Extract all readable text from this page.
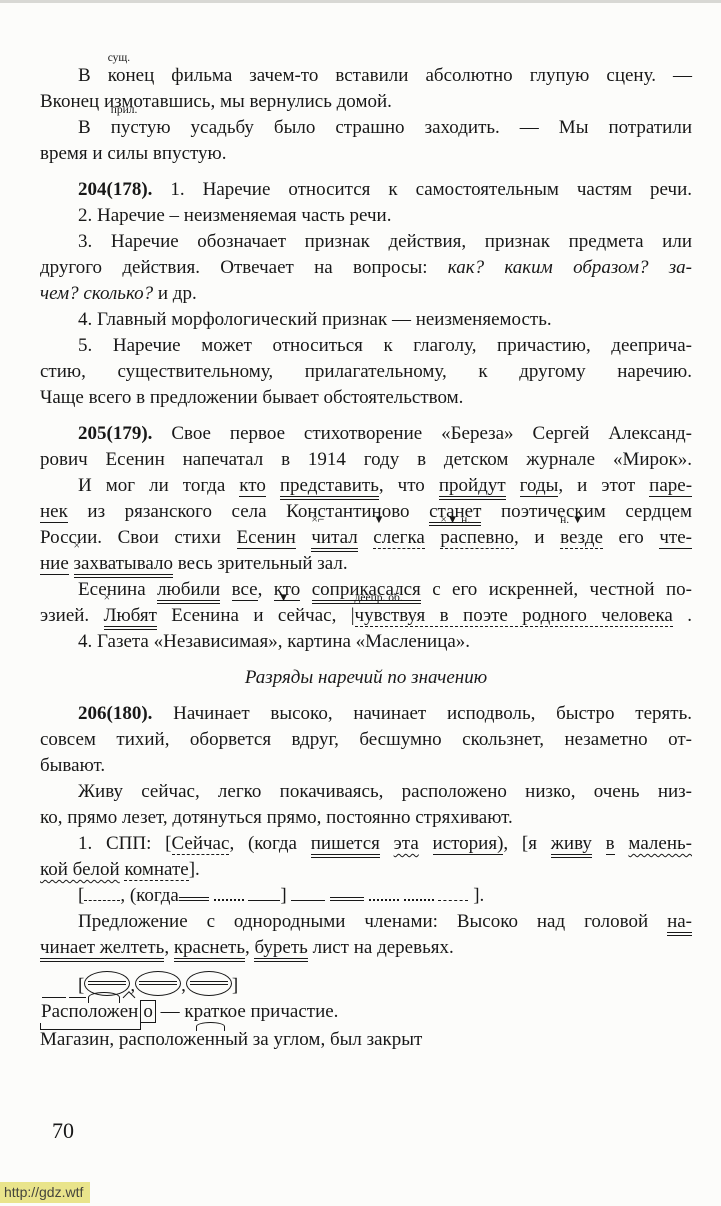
В конец сущ. фильма зачем-то вставили абсолютно глупую сцену. —
Вконец измотавшись, мы вернулись домой.
В пустую прил. усадьбу было страшно заходить. — Мы потратили
время и силы впустую.
204(178). 1. Наречие относится к самостоятельным частям речи.
2. Наречие – неизменяемая часть речи.
3. Наречие обозначает признак действия, признак предмета или
другого действия. Отвечает на вопросы: как? каким образом? за-
чем? сколько? и др.
4. Главный морфологический признак — неизменяемость.
5. Наречие может относиться к глаголу, причастию, дееприча-
стию, существительному, прилагательному, к другому наречию.
Чаще всего в предложении бывает обстоятельством.
205(179). Свое первое стихотворение «Береза» Сергей Александ-
рович Есенин напечатал в 1914 году в детском журнале «Мирок».
И мог ли тогда кто представить, что пройдут годы, и этот паре-
нек из рязанского села Константиново станет поэтическим сердцем
России. Свои стихи Есенин читал ×⌐ слегка ▼ распевно ×▼ н., и везде н. ▼ его чте-
ние захватывало × весь зрительный зал.
Есенина любили все, кто соприкасался с его искренней, честной по-
эзией. Любят × Есенина и сейчас ▼, |чувствуя в поэте родного человека деепр. об. .
4. Газета «Независимая», картина «Масленица».
Разряды наречий по значению
206(180). Начинает высоко, начинает исподволь, быстро терять.
совсем тихий, оборвется вдруг, бесшумно скользнет, незаметно от-
бывают.
Живу сейчас, легко покачиваясь, расположено низко, очень низ-
ко, прямо лезет, дотянуться прямо, постоянно стряхивают.
1. СПП: [Сейчас, (когда пишется эта история), [я живу в малень-
кой белой комнате].
[ , (когда	]	].
Предложение с однородными членами: Высоко над головой на-
чинает желтеть, краснеть, буреть лист на деревьях.
[ , , ]
Расположен о — краткое причастие.
Магазин, расположенный за углом, был закрыт
70
http://gdz.wtf
